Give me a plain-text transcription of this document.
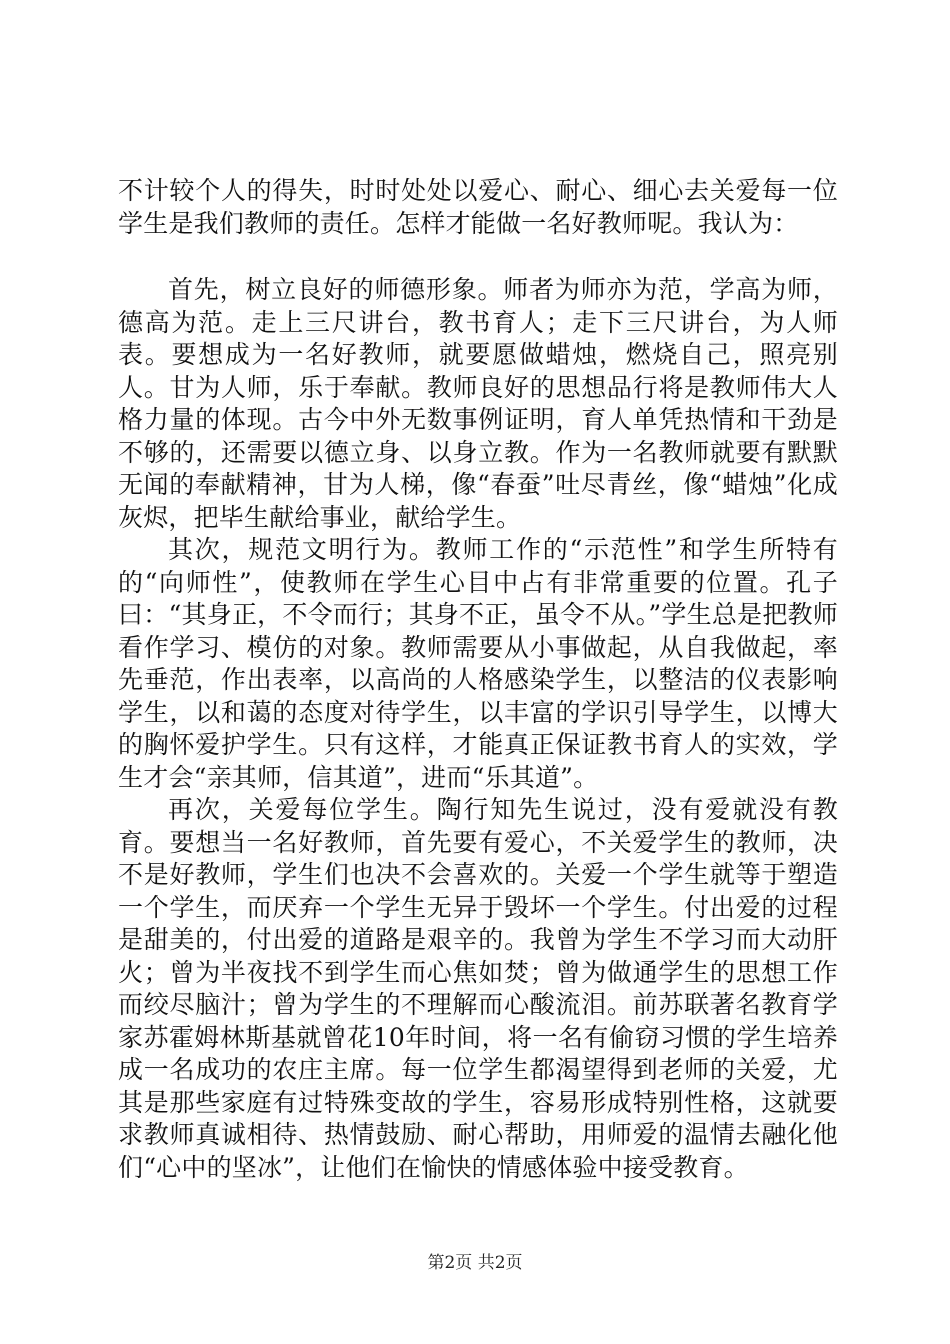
不计较个人的得失，时时处处以爱心、耐心、细心去关爱每一位学生是我们教师的责任。怎样才能做一名好教师呢。我认为：

首先，树立良好的师德形象。师者为师亦为范，学高为师，德高为范。走上三尺讲台，教书育人；走下三尺讲台，为人师表。要想成为一名好教师，就要愿做蜡烛，燃烧自己，照亮别人。甘为人师，乐于奉献。教师良好的思想品行将是教师伟大人格力量的体现。古今中外无数事例证明，育人单凭热情和干劲是不够的，还需要以德立身、以身立教。作为一名教师就要有默默无闻的奉献精神，甘为人梯，像“春蚕”吐尽青丝，像“蜡烛”化成灰烬，把毕生献给事业，献给学生。

其次，规范文明行为。教师工作的“示范性”和学生所特有的“向师性”，使教师在学生心目中占有非常重要的位置。孔子曰：“其身正，不令而行；其身不正，虽令不从。”学生总是把教师看作学习、模仿的对象。教师需要从小事做起，从自我做起，率先垂范，作出表率，以高尚的人格感染学生，以整洁的仪表影响学生，以和蔼的态度对待学生，以丰富的学识引导学生，以博大的胸怀爱护学生。只有这样，才能真正保证教书育人的实效，学生才会“亲其师，信其道”，进而“乐其道”。

再次，关爱每位学生。陶行知先生说过，没有爱就没有教育。要想当一名好教师，首先要有爱心，不关爱学生的教师，决不是好教师，学生们也决不会喜欢的。关爱一个学生就等于塑造一个学生，而厌弃一个学生无异于毁坏一个学生。付出爱的过程是甜美的，付出爱的道路是艰辛的。我曾为学生不学习而大动肝火；曾为半夜找不到学生而心焦如焚；曾为做通学生的思想工作而绞尽脑汁；曾为学生的不理解而心酸流泪。前苏联著名教育学家苏霍姆林斯基就曾花10年时间，将一名有偷窃习惯的学生培养成一名成功的农庄主席。每一位学生都渴望得到老师的关爱，尤其是那些家庭有过特殊变故的学生，容易形成特别性格，这就要求教师真诚相待、热情鼓励、耐心帮助，用师爱的温情去融化他们“心中的坚冰”，让他们在愉快的情感体验中接受教育。

第2页 共2页
